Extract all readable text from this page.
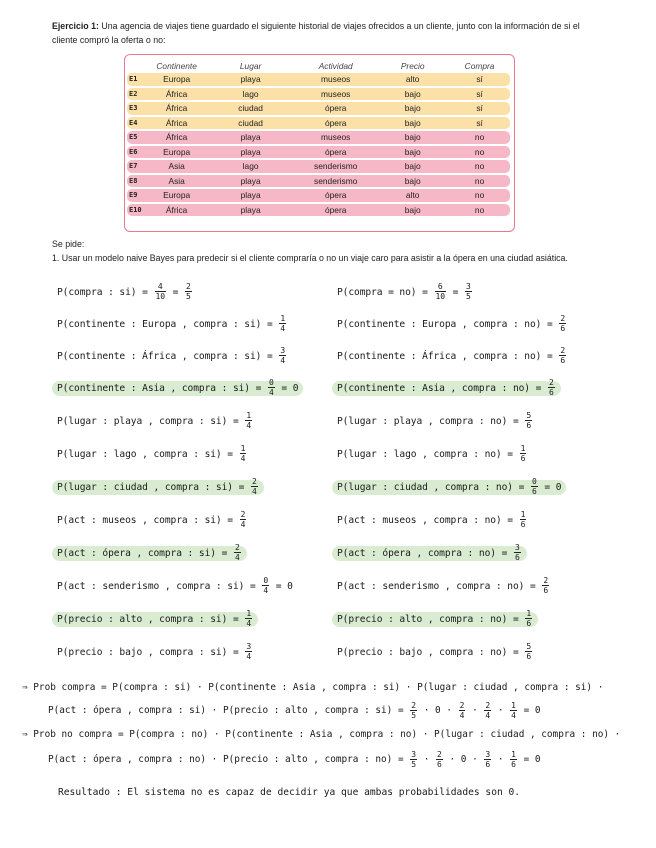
Ejercicio 1: Una agencia de viajes tiene guardado el siguiente historial de viajes ofrecidos a un cliente, junto con la información de si el cliente compró la oferta o no:
	Continente	Lugar	Actividad	Precio	Compra
E1	Europa	playa	museos	alto	sí
E2	África	lago	museos	bajo	sí
E3	África	ciudad	ópera	bajo	sí
E4	África	ciudad	ópera	bajo	sí
E5	África	playa	museos	bajo	no
E6	Europa	playa	ópera	bajo	no
E7	Asia	lago	senderismo	bajo	no
E8	Asia	playa	senderismo	bajo	no
E9	Europa	playa	ópera	alto	no
E10	África	playa	ópera	bajo	no
Se pide:
1. Usar un modelo naive Bayes para predecir si el cliente compraría o no un viaje caro para asistir a la ópera en una ciudad asiática.
⇒ Prob compra = P(compra : si) · P(continente : Asia , compra : si) · P(lugar : ciudad , compra : si) ·
P(act : ópera , compra : si) · P(precio : alto , compra : $si) = \frac{2}{5} \cdot 0 \cdot \frac{2}{4} \cdot \frac{2}{4} \cdot \frac{1}{4} = 0$
⇒ Prob no compra = P(compra : no) · P(continente : Asia , compra : no) · P(lugar : ciudad , compra : no) ·
P(act : ópera , compra : no) · P(precio : alto , compra : $no) = \frac{3}{5} \cdot \frac{2}{6} \cdot 0 \cdot \frac{3}{6} \cdot \frac{1}{6} = 0$
Resultado : El sistema no es capaz de decidir ya que ambas probabilidades son 0.
P(compra : $si) = \frac{4}{10} = \frac{2}{5}$
P(continente : Europa , compra : $si) = \frac{1}{4}$
P(continente : África , compra : $si) = \frac{3}{4}$
P(continente : Asia , compra : $si) = \frac{0}{4} = 0$
P(lugar : playa , compra : $si) = \frac{1}{4}$
P(lugar : lago , compra : $si) = \frac{1}{4}$
P(lugar : ciudad , compra : $si) = \frac{2}{4}$
P(act : museos , compra : $si) = \frac{2}{4}$
P(act : ópera , compra : $si) = \frac{2}{4}$
P(act : senderismo , compra : $si) = \frac{0}{4} = 0$
P(precio : alto , compra : $si) = \frac{1}{4}$
P(precio : bajo , compra : $si) = \frac{3}{4}$
P(compra = $no) = \frac{6}{10} = \frac{3}{5}$
P(continente : Europa , compra : $no) = \frac{2}{6}$
P(continente : África , compra : $no) = \frac{2}{6}$
P(continente : Asia , compra : $no) = \frac{2}{6}$
P(lugar : playa , compra : $no) = \frac{5}{6}$
P(lugar : lago , compra : $no) = \frac{1}{6}$
P(lugar : ciudad , compra : $no) = \frac{0}{6} = 0$
P(act : museos , compra : $no) = \frac{1}{6}$
P(act : ópera , compra : $no) = \frac{3}{6}$
P(act : senderismo , compra : $no) = \frac{2}{6}$
P(precio : alto , compra : $no) = \frac{1}{6}$
P(precio : bajo , compra : $no) = \frac{5}{6}$
